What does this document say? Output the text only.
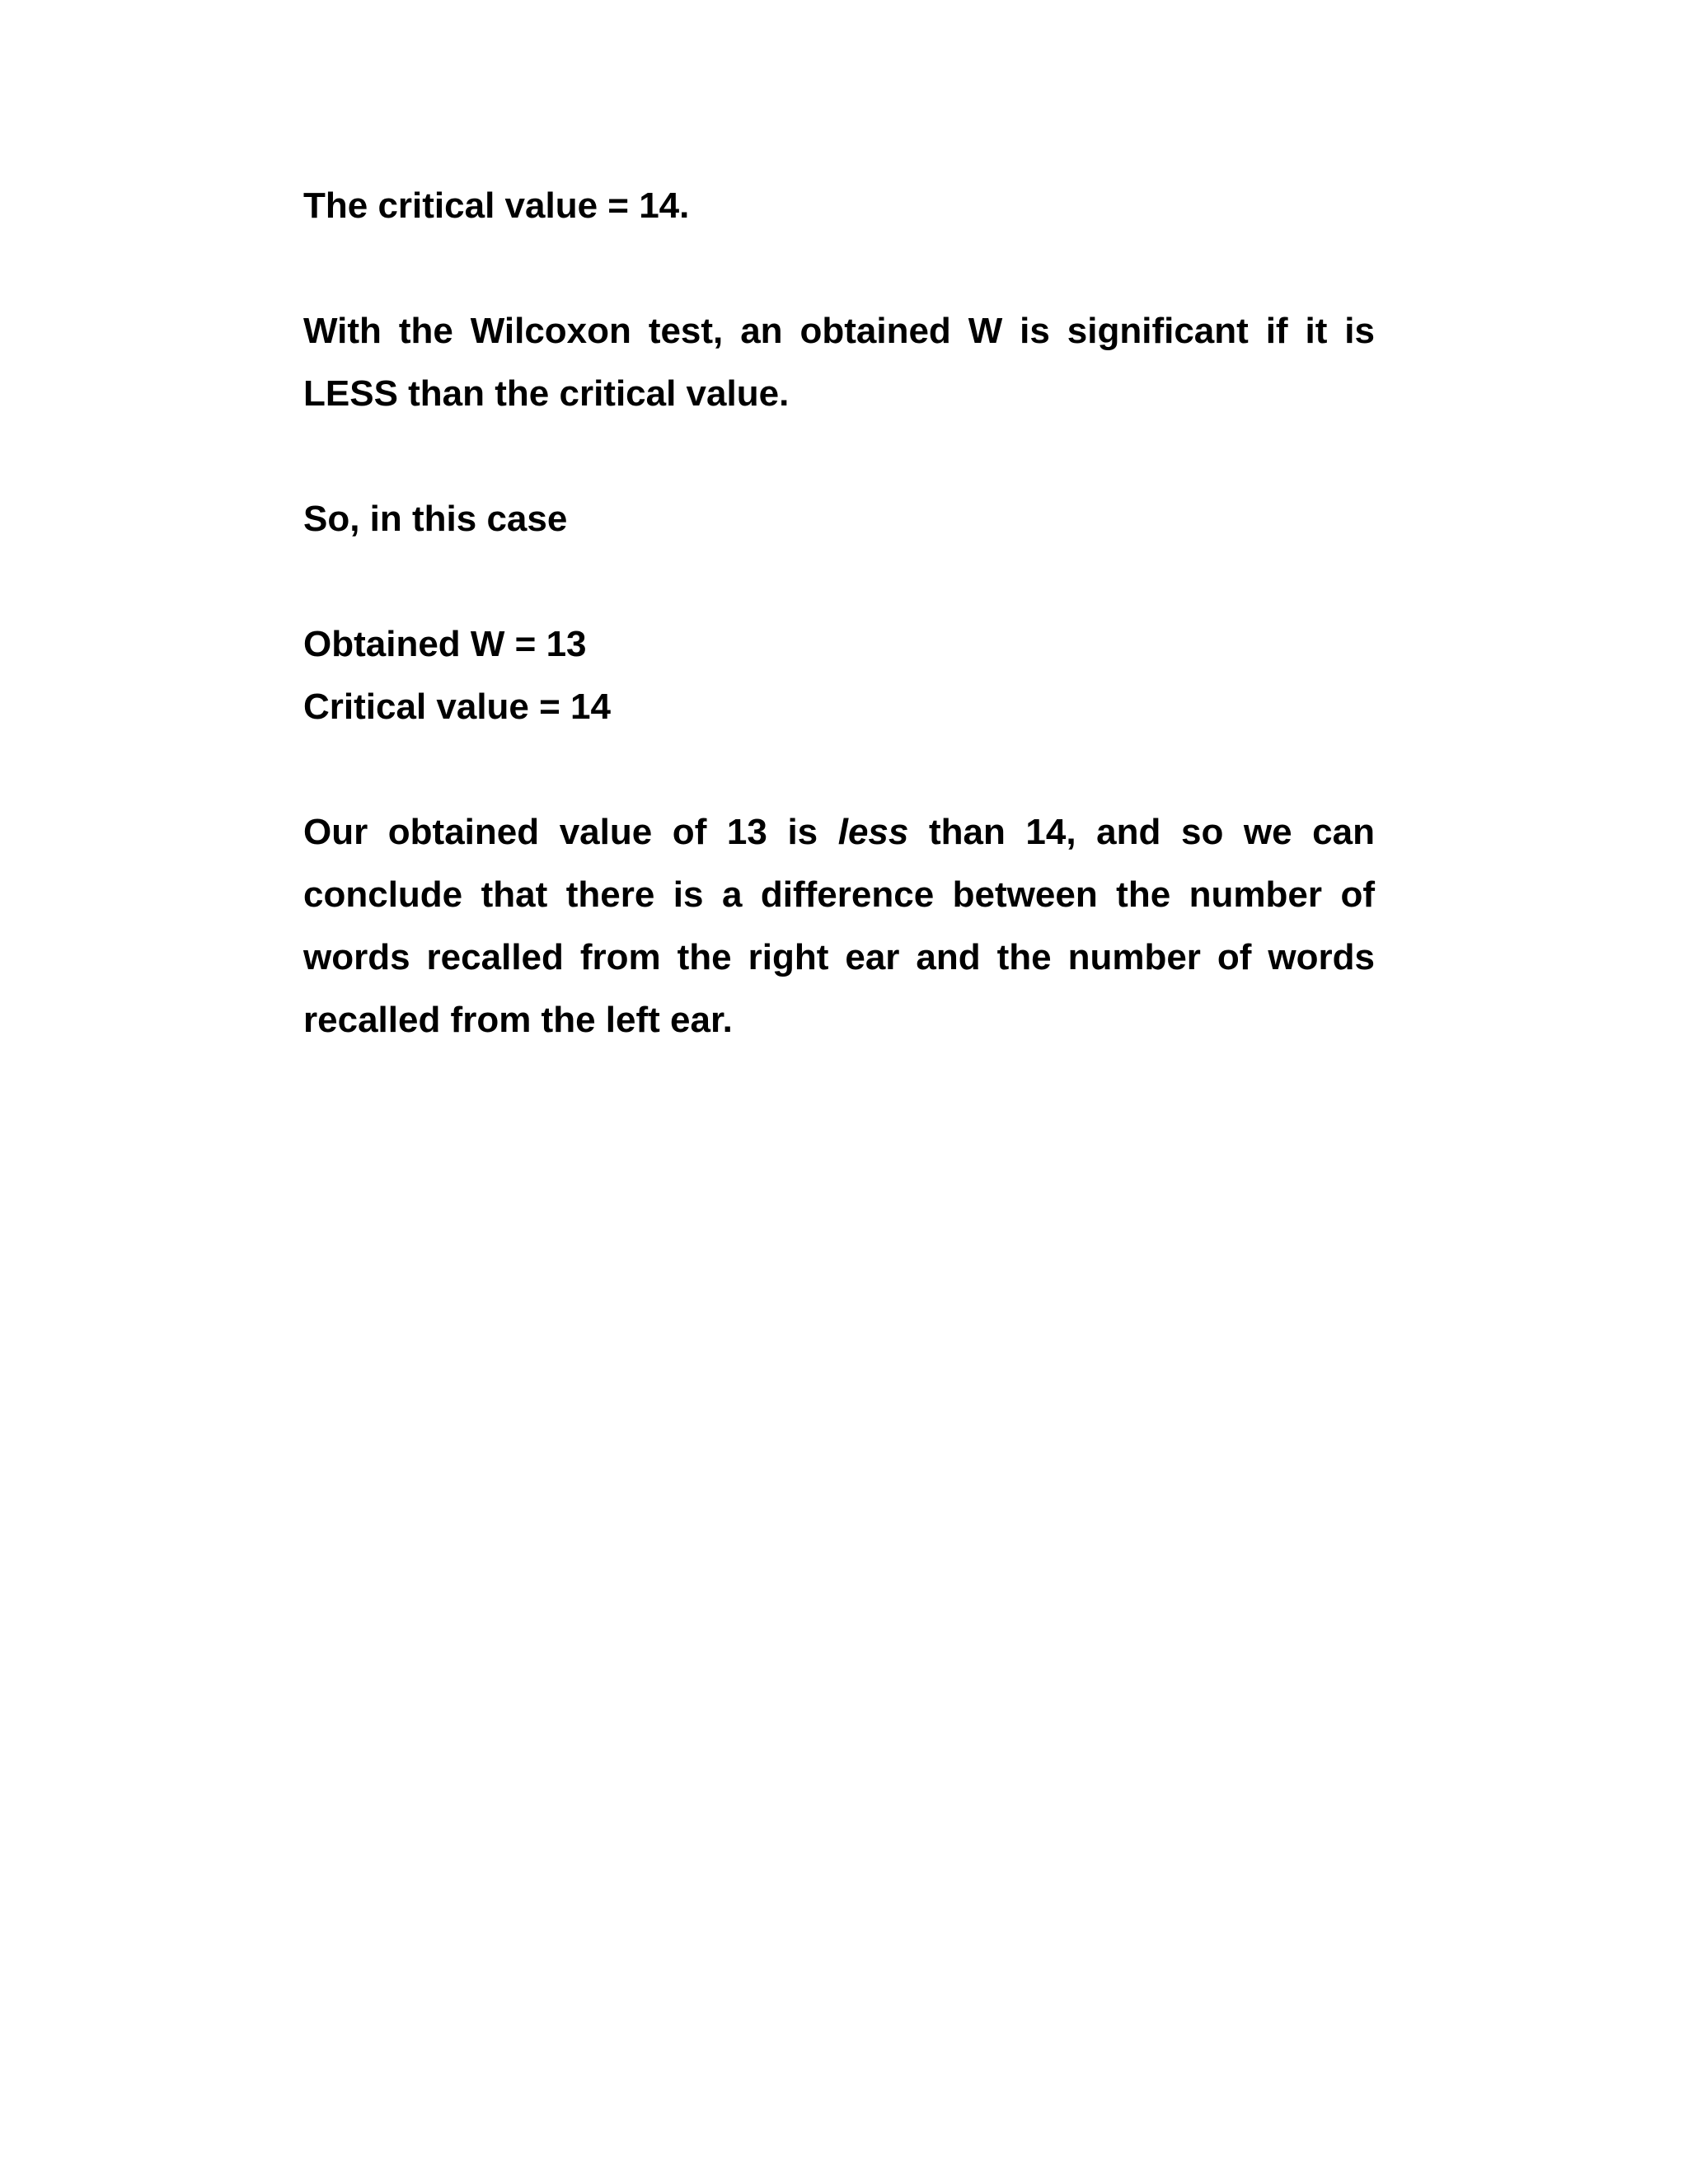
The critical value = 14.

With the Wilcoxon test, an obtained W is significant if it is LESS than the critical value.

So, in this case

Obtained W = 13

Critical value = 14

Our obtained value of 13 is less than 14, and so we can conclude that there is a difference between the number of words recalled from the right ear and the number of words recalled from the left ear.
